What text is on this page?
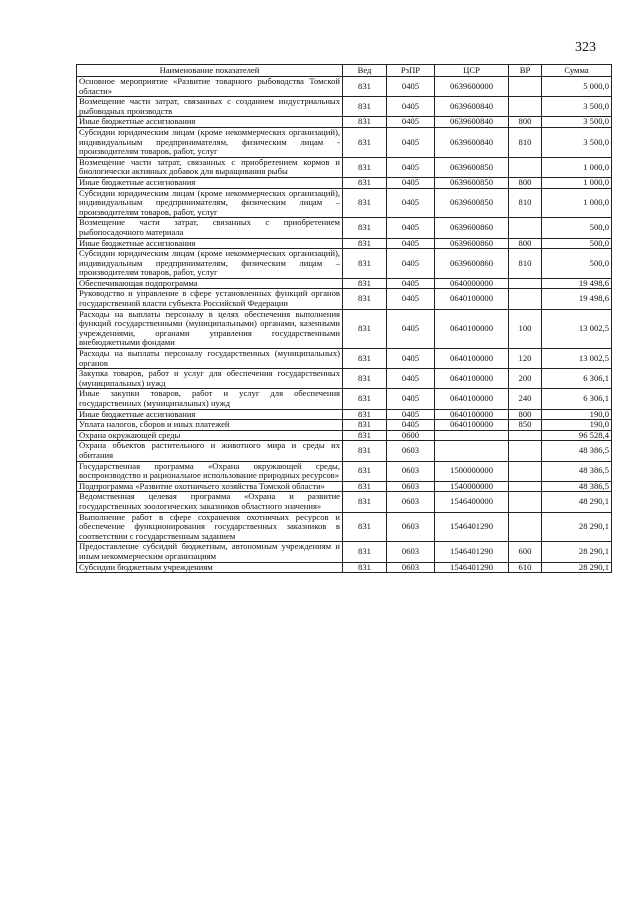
323
Наименование показателей	Вед	РзПР	ЦСР	ВР	Сумма
Основное мероприятие «Развитие товарного рыбоводства Томской области»	831	0405	0639600000		5 000,0
Возмещение части затрат, связанных с созданием индустриальных рыбоводных производств	831	0405	0639600840		3 500,0
Иные бюджетные ассигнования	831	0405	0639600840	800	3 500,0
Субсидии юридическим лицам (кроме некоммерческих организаций), индивидуальным предпринимателям, физическим лицам - производителям товаров, работ, услуг	831	0405	0639600840	810	3 500,0
Возмещение части затрат, связанных с приобретением кормов и биологически активных добавок для выращивания рыбы	831	0405	0639600850		1 000,0
Иные бюджетные ассигнования	831	0405	0639600850	800	1 000,0
Субсидии юридическим лицам (кроме некоммерческих организаций), индивидуальным предпринимателям, физическим лицам – производителям товаров, работ, услуг	831	0405	0639600850	810	1 000,0
Возмещение части затрат, связанных с приобретением рыбопосадочного материала	831	0405	0639600860		500,0
Иные бюджетные ассигнования	831	0405	0639600860	800	500,0
Субсидии юридическим лицам (кроме некоммерческих организаций), индивидуальным предпринимателям, физическим лицам – производителям товаров, работ, услуг	831	0405	0639600860	810	500,0
Обеспечивающая подпрограмма	831	0405	0640000000		19 498,6
Руководство и управление в сфере установленных функций органов государственной власти субъекта Российской Федерации	831	0405	0640100000		19 498,6
Расходы на выплаты персоналу в целях обеспечения выполнения функций государственными (муниципальными) органами, казенными учреждениями, органами управления государственными внебюджетными фондами	831	0405	0640100000	100	13 002,5
Расходы на выплаты персоналу государственных (муниципальных) органов	831	0405	0640100000	120	13 002,5
Закупка товаров, работ и услуг для обеспечения государственных (муниципальных) нужд	831	0405	0640100000	200	6 306,1
Иные закупки товаров, работ и услуг для обеспечения государственных (муниципальных) нужд	831	0405	0640100000	240	6 306,1
Иные бюджетные ассигнования	831	0405	0640100000	800	190,0
Уплата налогов, сборов и иных платежей	831	0405	0640100000	850	190,0
Охрана окружающей среды	831	0600			96 528,4
Охрана объектов растительного и животного мира и среды их обитания	831	0603			48 386,5
Государственная программа «Охрана окружающей среды, воспроизводство и рациональное использование природных ресурсов»	831	0603	1500000000		48 386,5
Подпрограмма «Развитие охотничьего хозяйства Томской области»	831	0603	1540000000		48 386,5
Ведомственная целевая программа «Охрана и развитие государственных зоологических заказников областного значения»	831	0603	1546400000		48 290,1
Выполнение работ в сфере сохранения охотничьих ресурсов и обеспечение функционирования государственных заказников в соответствии с государственным заданием	831	0603	1546401290		28 290,1
Предоставление субсидий бюджетным, автономным учреждениям и иным некоммерческим организациям	831	0603	1546401290	600	28 290,1
Субсидии бюджетным учреждениям	831	0603	1546401290	610	28 290,1
